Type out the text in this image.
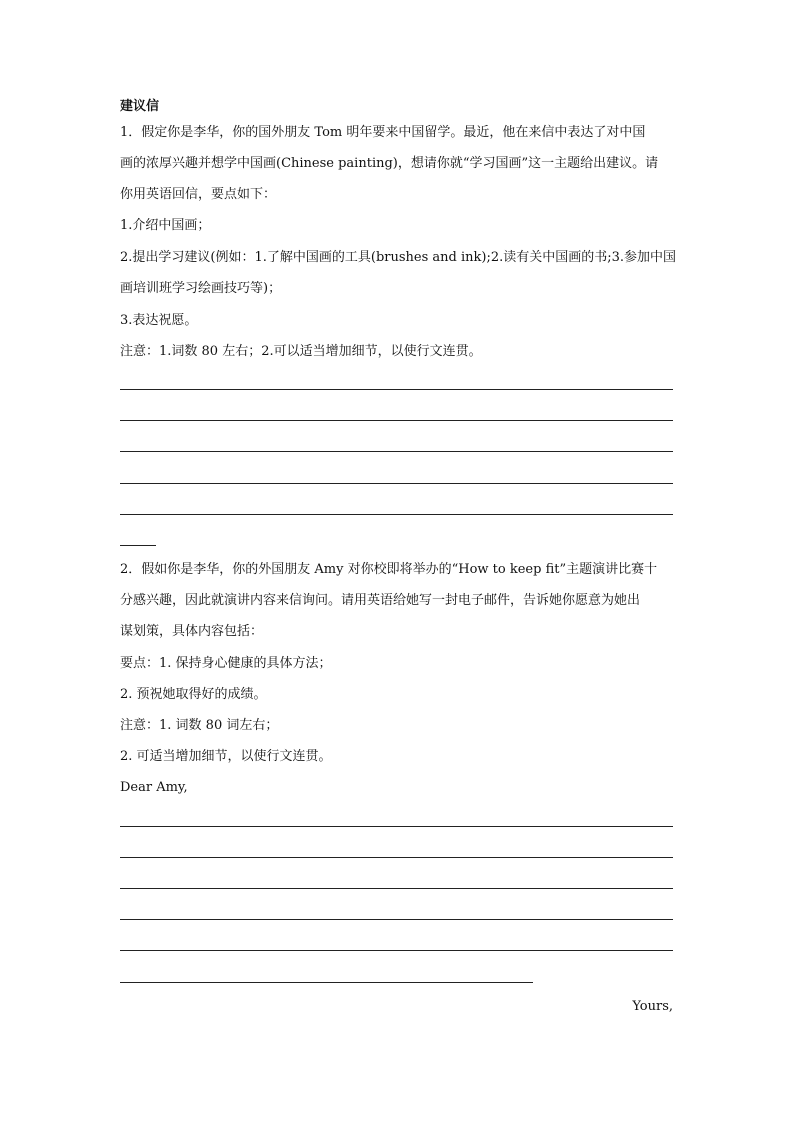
建议信
1．假定你是李华，你的国外朋友 Tom 明年要来中国留学。最近，他在来信中表达了对中国
画的浓厚兴趣并想学中国画(Chinese painting)，想请你就“学习国画”这一主题给出建议。请
你用英语回信，要点如下：
1.介绍中国画；
2.提出学习建议(例如：1.了解中国画的工具(brushes and ink);2.读有关中国画的书;3.参加中国
画培训班学习绘画技巧等)；
3.表达祝愿。
注意：1.词数 80 左右；2.可以适当增加细节，以使行文连贯。
2．假如你是李华，你的外国朋友 Amy 对你校即将举办的“How to keep fit”主题演讲比赛十
分感兴趣，因此就演讲内容来信询问。请用英语给她写一封电子邮件，告诉她你愿意为她出
谋划策，具体内容包括：
要点：1. 保持身心健康的具体方法；
2. 预祝她取得好的成绩。
注意：1. 词数 80 词左右；
2. 可适当增加细节，以使行文连贯。
Dear Amy,
Yours,
